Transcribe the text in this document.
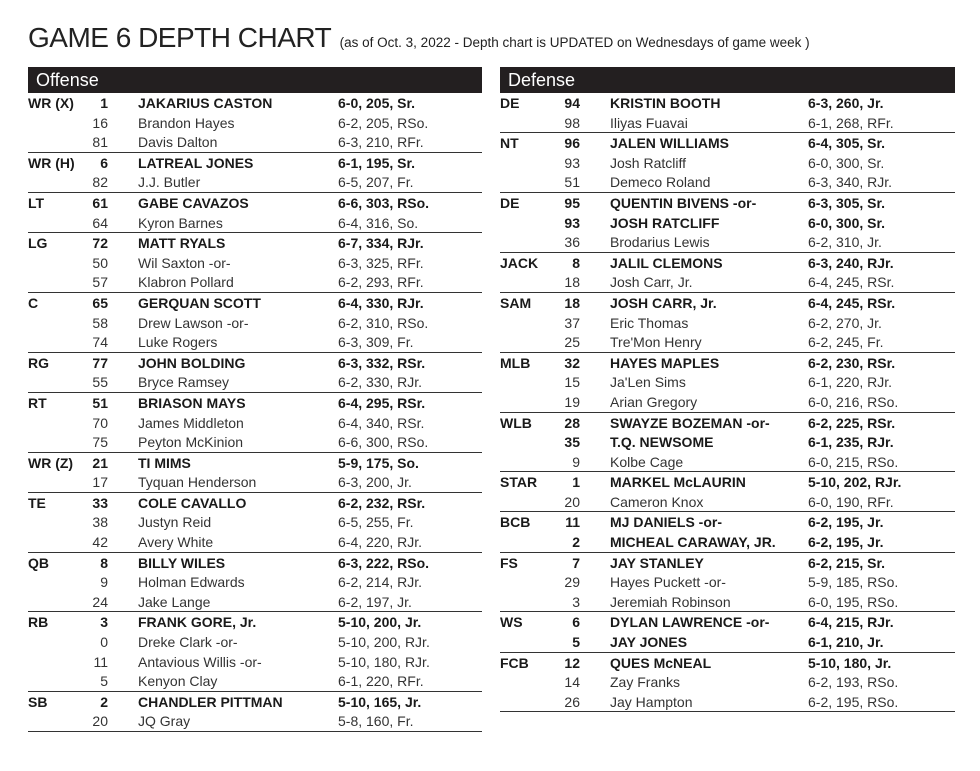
GAME 6 DEPTH CHART (as of Oct. 3, 2022 - Depth chart is UPDATED on Wednesdays of game week )
Offense
WR (X)	1 JAKARIUS CASTON	6-0, 205, Sr.
16 Brandon Hayes	6-2, 205, RSo.
81 Davis Dalton	6-3, 210, RFr.
WR (H)	6 LATREAL JONES	6-1, 195, Sr.
82 J.J. Butler	6-5, 207, Fr.
LT	61 GABE CAVAZOS	6-6, 303, RSo.
64 Kyron Barnes	6-4, 316, So.
LG	72 MATT RYALS	6-7, 334, RJr.
50 Wil Saxton -or-	6-3, 325, RFr.
57 Klabron Pollard	6-2, 293, RFr.
C	65 GERQUAN SCOTT	6-4, 330, RJr.
58 Drew Lawson -or-	6-2, 310, RSo.
74 Luke Rogers	6-3, 309, Fr.
RG	77 JOHN BOLDING	6-3, 332, RSr.
55 Bryce Ramsey	6-2, 330, RJr.
RT	51 BRIASON MAYS	6-4, 295, RSr.
70 James Middleton	6-4, 340, RSr.
75 Peyton McKinion	6-6, 300, RSo.
WR (Z)	21 TI MIMS	5-9, 175, So.
17 Tyquan Henderson	6-3, 200, Jr.
TE	33 COLE CAVALLO	6-2, 232, RSr.
38 Justyn Reid	6-5, 255, Fr.
42 Avery White	6-4, 220, RJr.
QB	8 BILLY WILES	6-3, 222, RSo.
9 Holman Edwards	6-2, 214, RJr.
24 Jake Lange	6-2, 197, Jr.
RB	3 FRANK GORE, Jr.	5-10, 200, Jr.
0 Dreke Clark -or-	5-10, 200, RJr.
11 Antavious Willis -or-	5-10, 180, RJr.
5 Kenyon Clay	6-1, 220, RFr.
SB	2 CHANDLER PITTMAN	5-10, 165, Jr.
20 JQ Gray	5-8, 160, Fr.
Defense
DE	94 KRISTIN BOOTH	6-3, 260, Jr.
98 Iliyas Fuavai	6-1, 268, RFr.
NT	96 JALEN WILLIAMS	6-4, 305, Sr.
93 Josh Ratcliff	6-0, 300, Sr.
51 Demeco Roland	6-3, 340, RJr.
DE	95 QUENTIN BIVENS -or-	6-3, 305, Sr.
93 JOSH RATCLIFF	6-0, 300, Sr.
36 Brodarius Lewis	6-2, 310, Jr.
JACK	8 JALIL CLEMONS	6-3, 240, RJr.
18 Josh Carr, Jr.	6-4, 245, RSr.
SAM	18 JOSH CARR, Jr.	6-4, 245, RSr.
37 Eric Thomas	6-2, 270, Jr.
25 Tre'Mon Henry	6-2, 245, Fr.
MLB	32 HAYES MAPLES	6-2, 230, RSr.
15 Ja'Len Sims	6-1, 220, RJr.
19 Arian Gregory	6-0, 216, RSo.
WLB	28 SWAYZE BOZEMAN -or-	6-2, 225, RSr.
35 T.Q. NEWSOME	6-1, 235, RJr.
9 Kolbe Cage	6-0, 215, RSo.
STAR	1 MARKEL McLAURIN	5-10, 202, RJr.
20 Cameron Knox	6-0, 190, RFr.
BCB	11 MJ DANIELS -or-	6-2, 195, Jr.
2 MICHEAL CARAWAY, JR. 6-2, 195, Jr.
FS	7 JAY STANLEY	6-2, 215, Sr.
29 Hayes Puckett -or-	5-9, 185, RSo.
3 Jeremiah Robinson	6-0, 195, RSo.
WS	6 DYLAN LAWRENCE -or-	6-4, 215, RJr.
5 JAY JONES	6-1, 210, Jr.
FCB	12 QUES McNEAL	5-10, 180, Jr.
14 Zay Franks	6-2, 193, RSo.
26 Jay Hampton	6-2, 195, RSo.
